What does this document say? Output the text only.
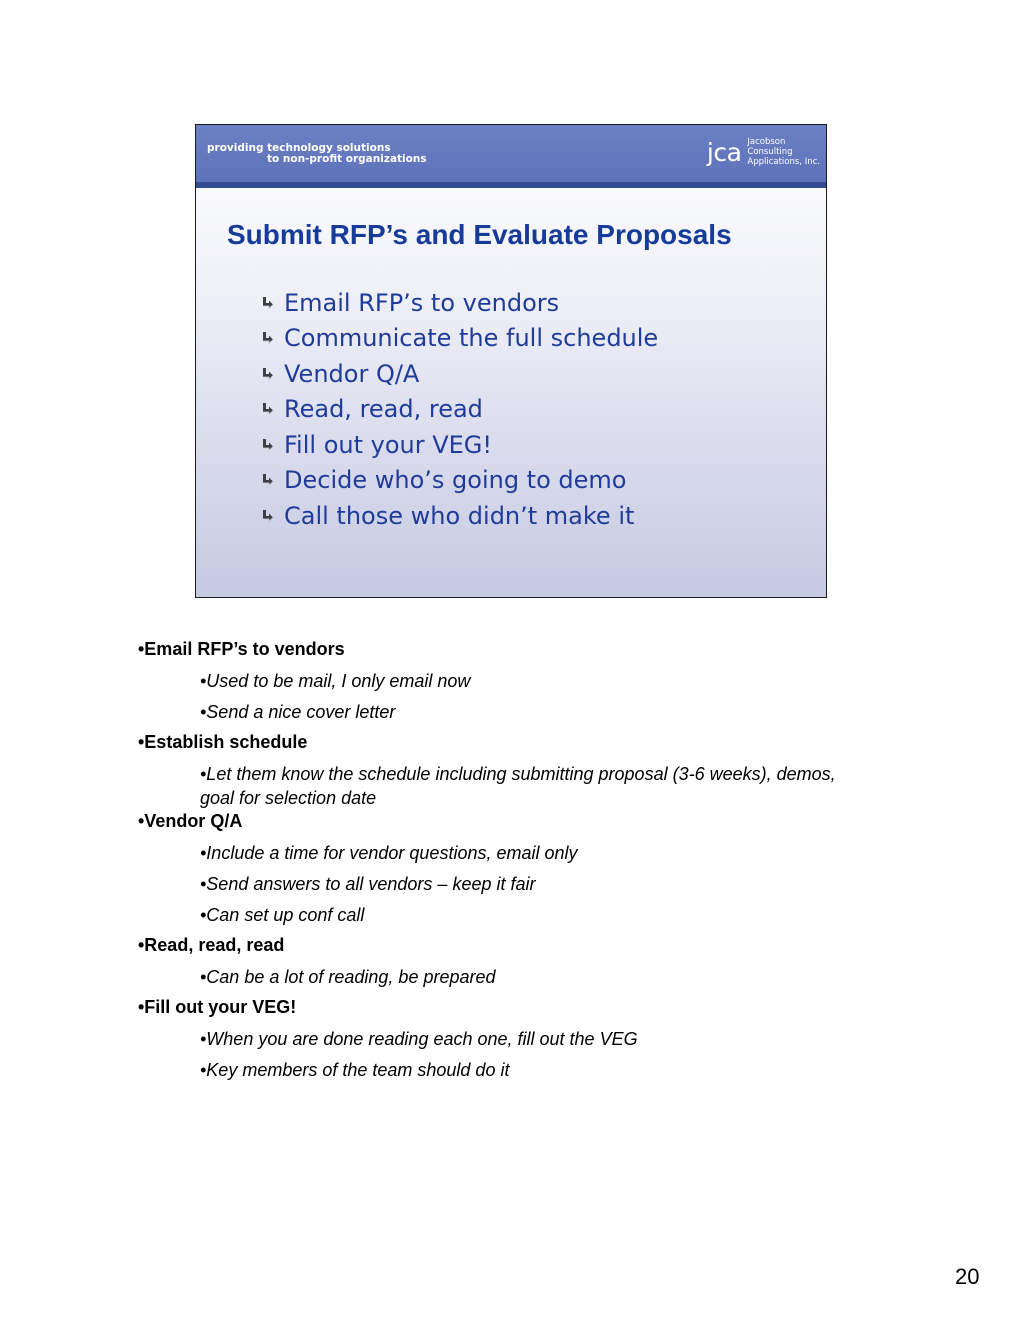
providing technology solutions
to non-profit organizations	jca Jacobson
Consulting
Applications, Inc.
Submit RFP’s and Evaluate Proposals
Email RFP’s to vendors
Communicate the full schedule
Vendor Q/A
Read, read, read
Fill out your VEG!
Decide who’s going to demo
Call those who didn’t make it
•Email RFP’s to vendors
•Used to be mail, I only email now
•Send a nice cover letter
•Establish schedule
•Let them know the schedule including submitting proposal (3-6 weeks), demos, goal for selection date
•Vendor Q/A
•Include a time for vendor questions, email only
•Send answers to all vendors – keep it fair
•Can set up conf call
•Read, read, read
•Can be a lot of reading, be prepared
•Fill out your VEG!
•When you are done reading each one, fill out the VEG
•Key members of the team should do it
20
